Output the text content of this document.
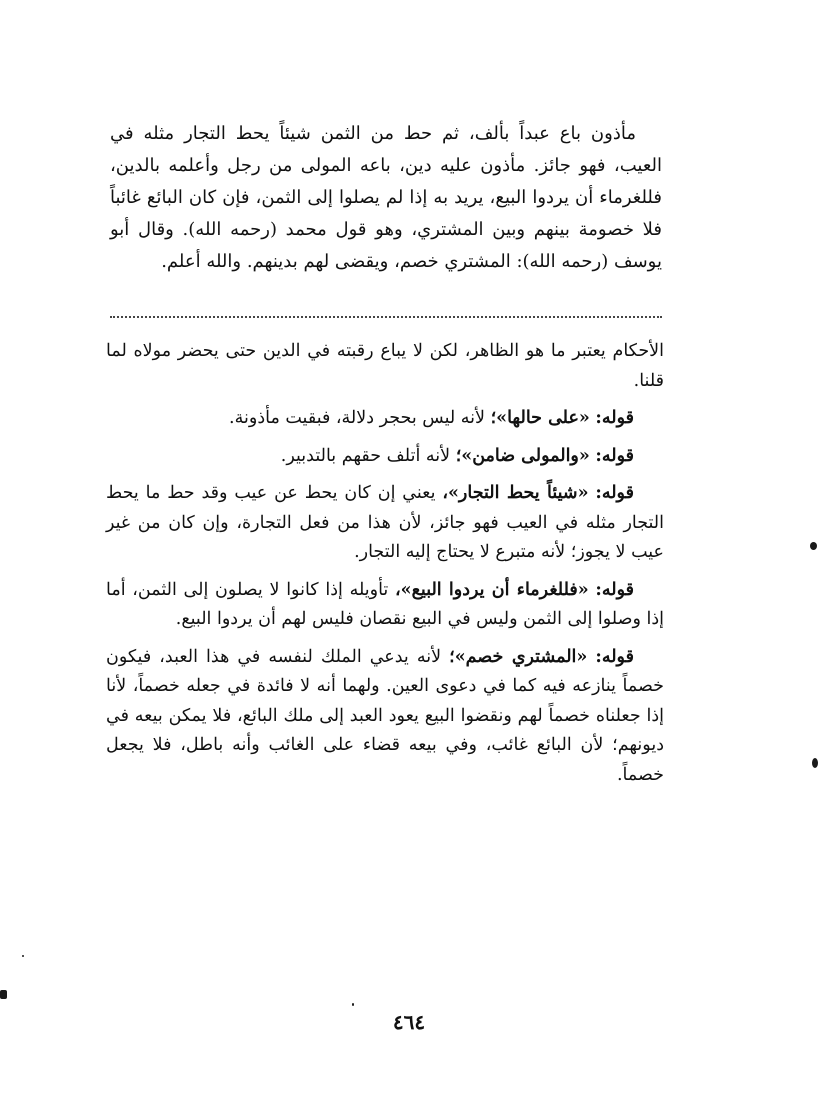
مأذون باع عبداً بألف، ثم حط من الثمن شيئاً يحط التجار مثله في العيب، فهو جائز. مأذون عليه دين، باعه المولى من رجل وأعلمه بالدين، فللغرماء أن يردوا البيع، يريد به إذا لم يصلوا إلى الثمن، فإن كان البائع غائباً فلا خصومة بينهم وبين المشتري، وهو قول محمد (رحمه الله). وقال أبو يوسف (رحمه الله): المشتري خصم، ويقضى لهم بدينهم. والله أعلم.

الأحكام يعتبر ما هو الظاهر، لكن لا يباع رقبته في الدين حتى يحضر مولاه لما قلنا.

قوله: «على حالها»؛ لأنه ليس بحجر دلالة، فبقيت مأذونة.

قوله: «والمولى ضامن»؛ لأنه أتلف حقهم بالتدبير.

قوله: «شيئاً يحط التجار»، يعني إن كان يحط عن عيب وقد حط ما يحط التجار مثله في العيب فهو جائز، لأن هذا من فعل التجارة، وإن كان من غير عيب لا يجوز؛ لأنه متبرع لا يحتاج إليه التجار.

قوله: «فللغرماء أن يردوا البيع»، تأويله إذا كانوا لا يصلون إلى الثمن، أما إذا وصلوا إلى الثمن وليس في البيع نقصان فليس لهم أن يردوا البيع.

قوله: «المشتري خصم»؛ لأنه يدعي الملك لنفسه في هذا العبد، فيكون خصماً ينازعه فيه كما في دعوى العين. ولهما أنه لا فائدة في جعله خصماً، لأنا إذا جعلناه خصماً لهم ونقضوا البيع يعود العبد إلى ملك البائع، فلا يمكن بيعه في ديونهم؛ لأن البائع غائب، وفي بيعه قضاء على الغائب وأنه باطل، فلا يجعل خصماً.

٤٦٤
